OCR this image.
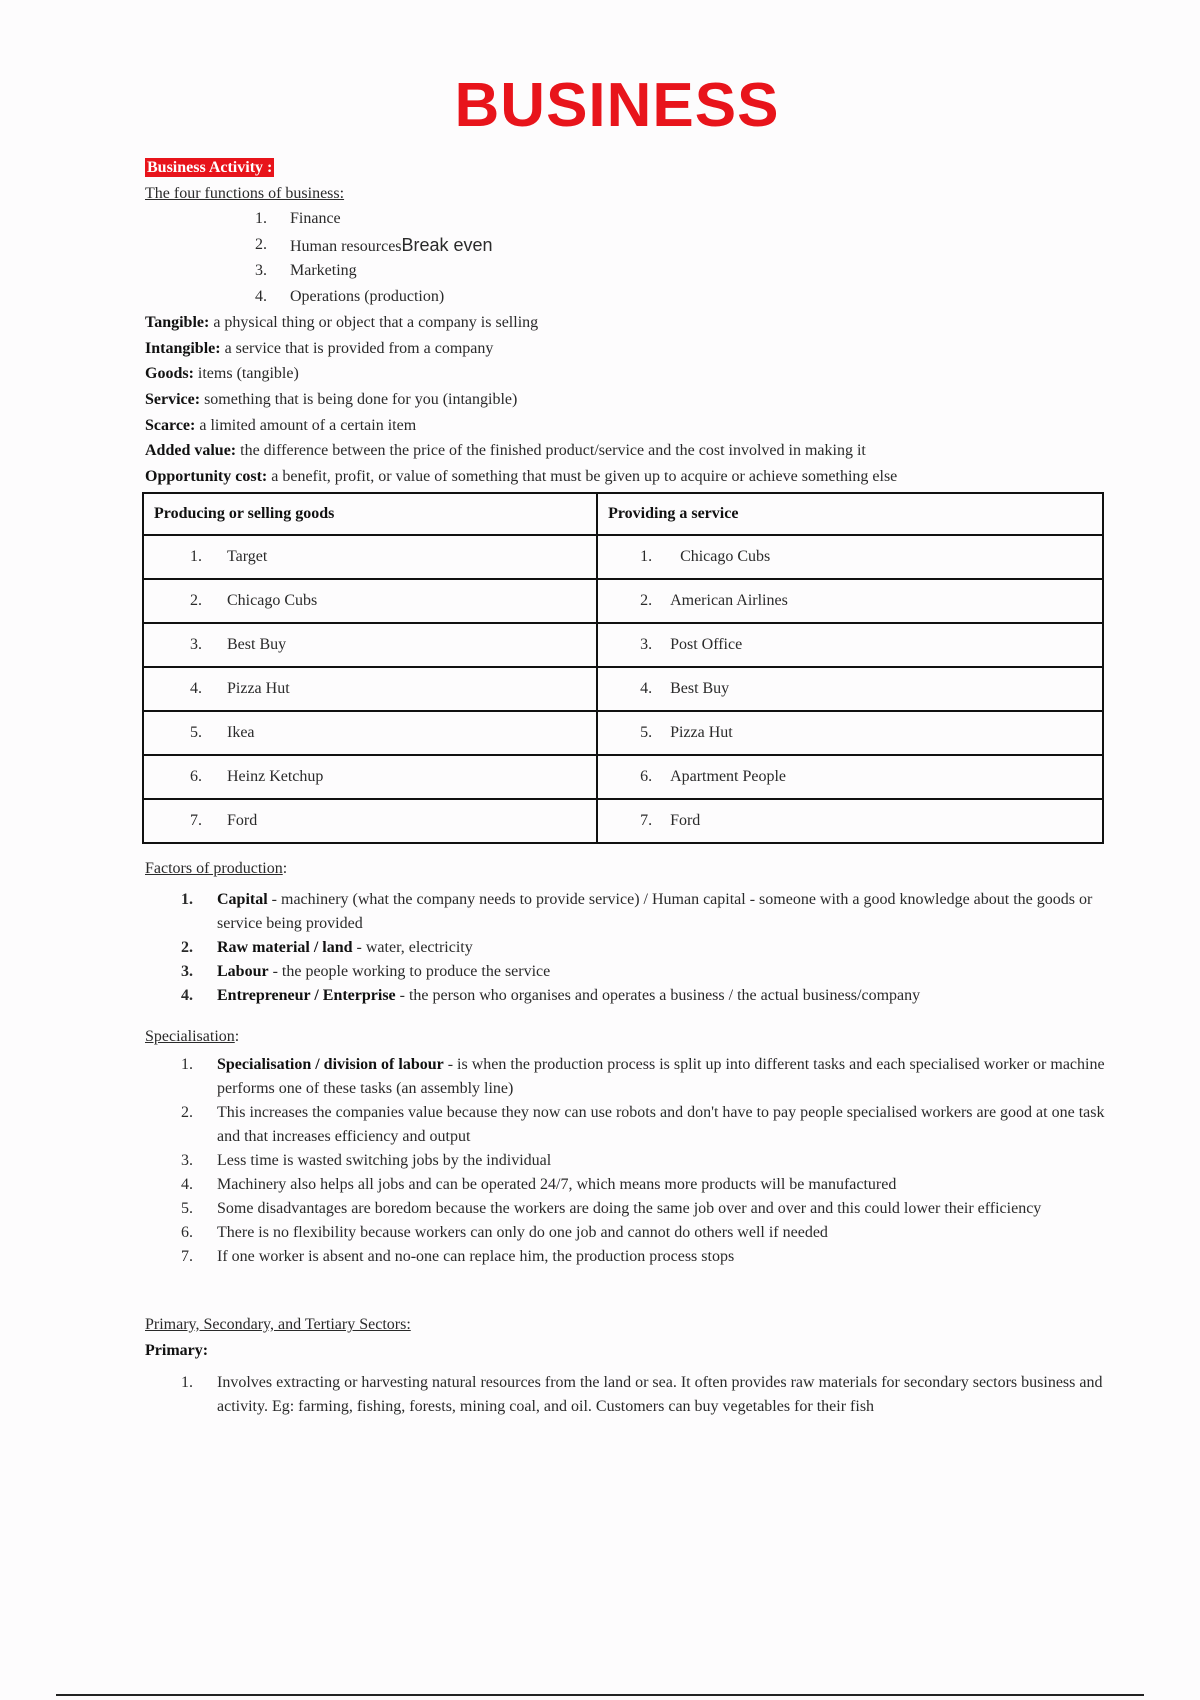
BUSINESS
Business Activity :
The four functions of business:
1. Finance
2. Human resourcesBreak even
3. Marketing
4. Operations (production)
Tangible: a physical thing or object that a company is selling
Intangible: a service that is provided from a company
Goods: items (tangible)
Service: something that is being done for you (intangible)
Scarce: a limited amount of a certain item
Added value: the difference between the price of the finished product/service and the cost involved in making it
Opportunity cost: a benefit, profit, or value of something that must be given up to acquire or achieve something else
Producing or selling goods	Providing a service

1. Target	1. Chicago Cubs

2. Chicago Cubs	2. American Airlines

3. Best Buy	3. Post Office

4. Pizza Hut	4. Best Buy

5. Ikea	5. Pizza Hut

6. Heinz Ketchup	6. Apartment People

7. Ford	7. Ford
Factors of production:
1. Capital - machinery (what the company needs to provide service) / Human capital - someone with a good knowledge about the goods or service being provided
2. Raw material / land - water, electricity
3. Labour - the people working to produce the service
4. Entrepreneur / Enterprise - the person who organises and operates a business / the actual business/company
Specialisation:
1. Specialisation / division of labour - is when the production process is split up into different tasks and each specialised worker or machine performs one of these tasks (an assembly line)
2. This increases the companies value because they now can use robots and don't have to pay people specialised workers are good at one task and that increases efficiency and output
3. Less time is wasted switching jobs by the individual
4. Machinery also helps all jobs and can be operated 24/7, which means more products will be manufactured
5. Some disadvantages are boredom because the workers are doing the same job over and over and this could lower their efficiency
6. There is no flexibility because workers can only do one job and cannot do others well if needed
7. If one worker is absent and no-one can replace him, the production process stops
Primary, Secondary, and Tertiary Sectors:
Primary:
1. Involves extracting or harvesting natural resources from the land or sea. It often provides raw materials for secondary sectors business and activity. Eg: farming, fishing, forests, mining coal, and oil. Customers can buy vegetables for their fish
